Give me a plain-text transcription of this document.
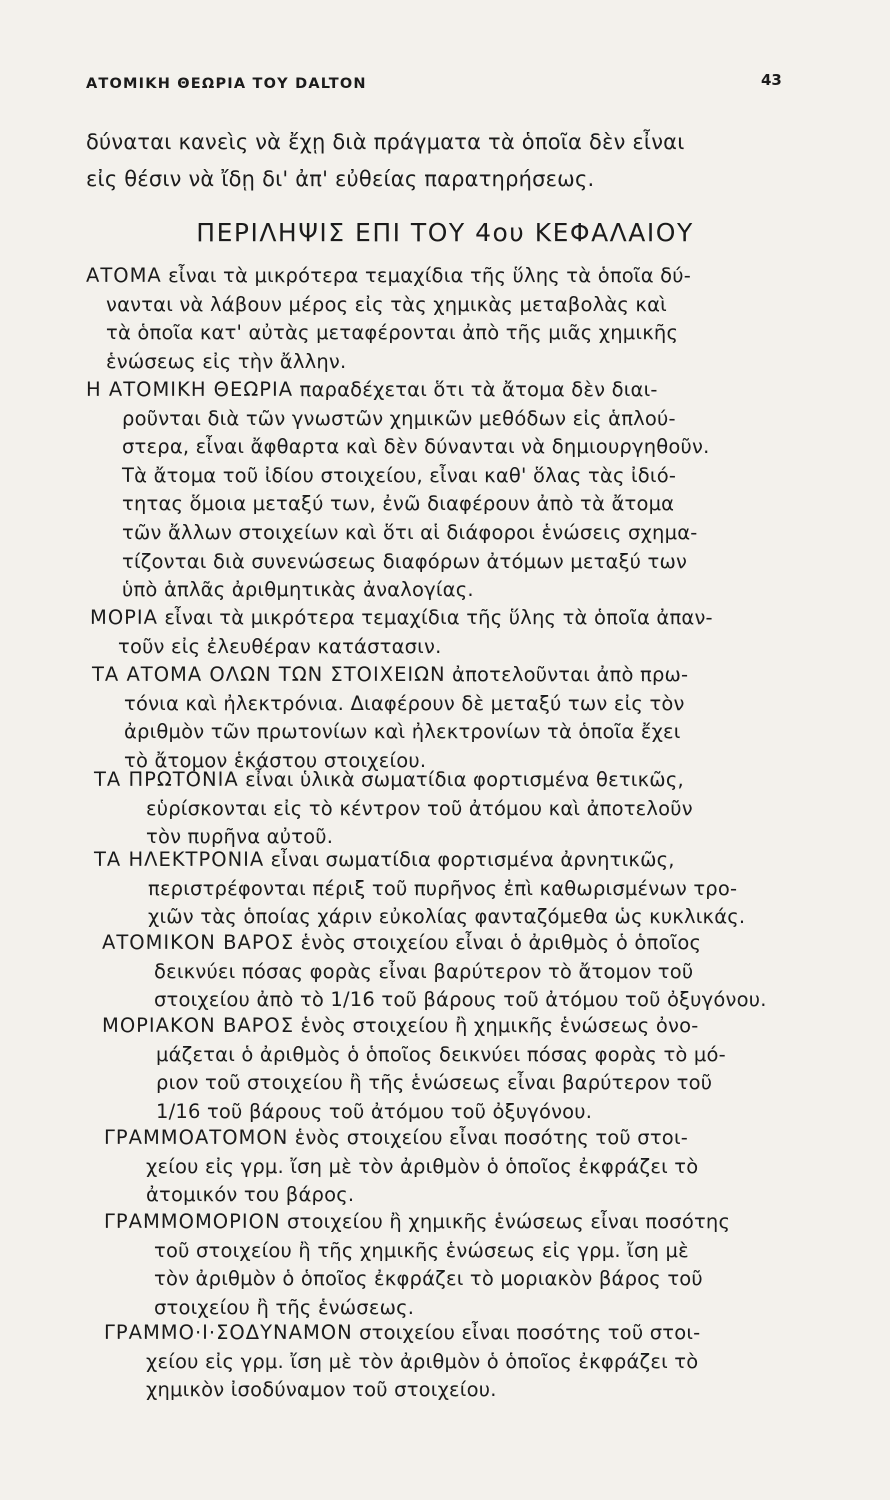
ΑΤΟΜΙΚΗ ΘΕΩΡΙΑ ΤΟΥ DALTON	43
δύναται κανεὶς νὰ ἔχῃ διὰ πράγματα τὰ ὁποῖα δὲν εἶναι
εἰς θέσιν νὰ ἴδῃ δι' ἀπ' εὐθείας παρατηρήσεως.
ΠΕΡΙΛΗΨΙΣ ΕΠΙ ΤΟΥ 4ου ΚΕΦΑΛΑΙΟΥ
ΑΤΟΜΑ εἶναι τὰ μικρότερα τεμαχίδια τῆς ὕλης τὰ ὁποῖα δύ-
νανται νὰ λάβουν μέρος εἰς τὰς χημικὰς μεταβολὰς καὶ
τὰ ὁποῖα κατ' αὐτὰς μεταφέρονται ἀπὸ τῆς μιᾶς χημικῆς
ἑνώσεως εἰς τὴν ἄλλην.
Η ΑΤΟΜΙΚΗ ΘΕΩΡΙΑ παραδέχεται ὅτι τὰ ἄτομα δὲν διαι-
ροῦνται διὰ τῶν γνωστῶν χημικῶν μεθόδων εἰς ἁπλού-
στερα, εἶναι ἄφθαρτα καὶ δὲν δύνανται νὰ δημιουργηθοῦν.
Τὰ ἄτομα τοῦ ἰδίου στοιχείου, εἶναι καθ' ὅλας τὰς ἰδιό-
τητας ὅμοια μεταξύ των, ἐνῶ διαφέρουν ἀπὸ τὰ ἄτομα
τῶν ἄλλων στοιχείων καὶ ὅτι αἱ διάφοροι ἑνώσεις σχημα-
τίζονται διὰ συνενώσεως διαφόρων ἀτόμων μεταξύ των
ὑπὸ ἁπλᾶς ἀριθμητικὰς ἀναλογίας.
ΜΟΡΙΑ εἶναι τὰ μικρότερα τεμαχίδια τῆς ὕλης τὰ ὁποῖα ἀπαν-
τοῦν εἰς ἐλευθέραν κατάστασιν.
ΤΑ ΑΤΟΜΑ ΟΛΩΝ ΤΩΝ ΣΤΟΙΧΕΙΩΝ ἀποτελοῦνται ἀπὸ πρω-
τόνια καὶ ἠλεκτρόνια. Διαφέρουν δὲ μεταξύ των εἰς τὸν
ἀριθμὸν τῶν πρωτονίων καὶ ἠλεκτρονίων τὰ ὁποῖα ἔχει
τὸ ἄτομον ἑκάστου στοιχείου.
ΤΑ ΠΡΩΤΟΝΙΑ εἶναι ὑλικὰ σωματίδια φορτισμένα θετικῶς,
εὑρίσκονται εἰς τὸ κέντρον τοῦ ἀτόμου καὶ ἀποτελοῦν
τὸν πυρῆνα αὐτοῦ.
ΤΑ ΗΛΕΚΤΡΟΝΙΑ εἶναι σωματίδια φορτισμένα ἀρνητικῶς,
περιστρέφονται πέριξ τοῦ πυρῆνος ἐπὶ καθωρισμένων τρο-
χιῶν τὰς ὁποίας χάριν εὐκολίας φανταζόμεθα ὡς κυκλικάς.
ΑΤΟΜΙΚΟΝ ΒΑΡΟΣ ἑνὸς στοιχείου εἶναι ὁ ἀριθμὸς ὁ ὁποῖος
δεικνύει πόσας φορὰς εἶναι βαρύτερον τὸ ἄτομον τοῦ
στοιχείου ἀπὸ τὸ 1/16 τοῦ βάρους τοῦ ἀτόμου τοῦ ὀξυγόνου.
ΜΟΡΙΑΚΟΝ ΒΑΡΟΣ ἑνὸς στοιχείου ἢ χημικῆς ἑνώσεως ὀνο-
μάζεται ὁ ἀριθμὸς ὁ ὁποῖος δεικνύει πόσας φορὰς τὸ μό-
ριον τοῦ στοιχείου ἢ τῆς ἑνώσεως εἶναι βαρύτερον τοῦ
1/16 τοῦ βάρους τοῦ ἀτόμου τοῦ ὀξυγόνου.
ΓΡΑΜΜΟΑΤΟΜΟΝ ἑνὸς στοιχείου εἶναι ποσότης τοῦ στοι-
χείου εἰς γρμ. ἴση μὲ τὸν ἀριθμὸν ὁ ὁποῖος ἐκφράζει τὸ
ἀτομικόν του βάρος.
ΓΡΑΜΜΟΜΟΡΙΟΝ στοιχείου ἢ χημικῆς ἑνώσεως εἶναι ποσότης
τοῦ στοιχείου ἢ τῆς χημικῆς ἑνώσεως εἰς γρμ. ἴση μὲ
τὸν ἀριθμὸν ὁ ὁποῖος ἐκφράζει τὸ μοριακὸν βάρος τοῦ
στοιχείου ἢ τῆς ἑνώσεως.
ΓΡΑΜΜΟ·Ι·ΣΟΔΥΝΑΜΟΝ στοιχείου εἶναι ποσότης τοῦ στοι-
χείου εἰς γρμ. ἴση μὲ τὸν ἀριθμὸν ὁ ὁποῖος ἐκφράζει τὸ
χημικὸν ἰσοδύναμον τοῦ στοιχείου.
